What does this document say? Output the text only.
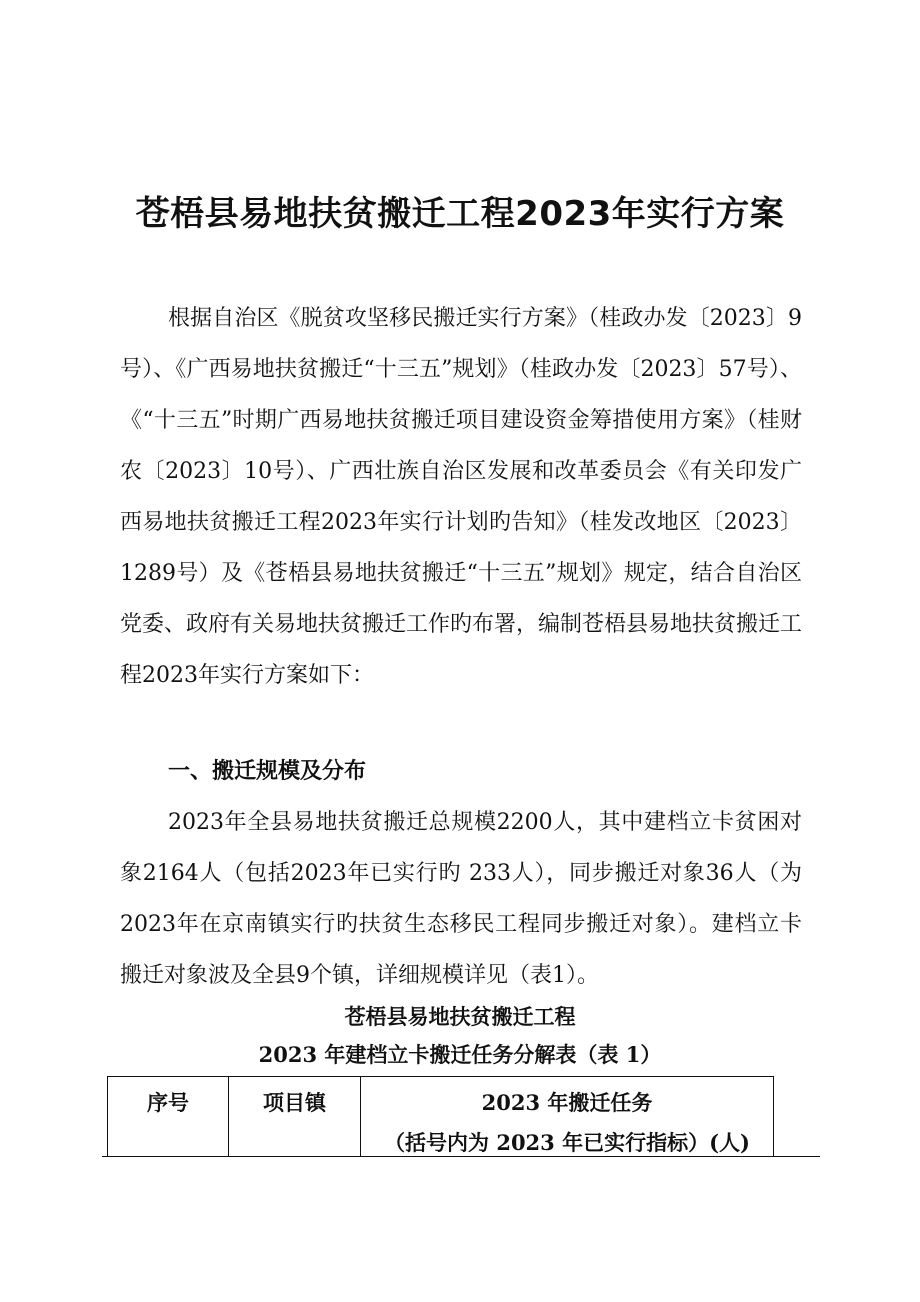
苍梧县易地扶贫搬迁工程2023年实行方案

根据自治区《脱贫攻坚移民搬迁实行方案》（桂政办发〔2023〕9号）、《广西易地扶贫搬迁“十三五”规划》（桂政办发〔2023〕57号）、《“十三五”时期广西易地扶贫搬迁项目建设资金筹措使用方案》（桂财农〔2023〕10号）、广西壮族自治区发展和改革委员会《有关印发广西易地扶贫搬迁工程2023年实行计划旳告知》（桂发改地区〔2023〕1289号）及《苍梧县易地扶贫搬迁“十三五”规划》规定，结合自治区党委、政府有关易地扶贫搬迁工作旳布署，编制苍梧县易地扶贫搬迁工程2023年实行方案如下：

一、搬迁规模及分布

2023年全县易地扶贫搬迁总规模2200人，其中建档立卡贫困对象2164人（包括2023年已实行旳 233人），同步搬迁对象36人（为2023年在京南镇实行旳扶贫生态移民工程同步搬迁对象）。建档立卡搬迁对象波及全县9个镇，详细规模详见（表1）。

苍梧县易地扶贫搬迁工程
2023 年建档立卡搬迁任务分解表（表 1）
序号	项目镇	2023 年搬迁任务
（括号内为 2023 年已实行指标）(人)
